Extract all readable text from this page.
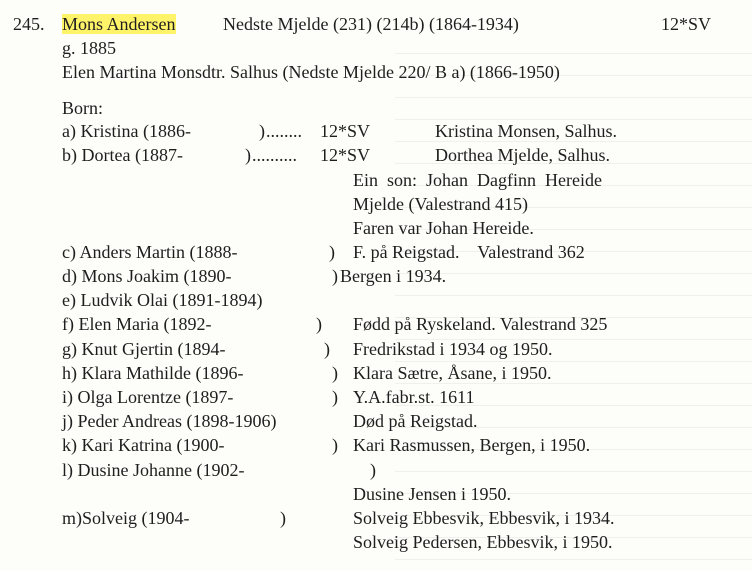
245. Mons Andersen	Nedste Mjelde (231) (214b) (1864-1934)	12*SV
g. 1885
Elen Martina Monsdtr. Salhus (Nedste Mjelde 220/ B a) (1866-1950)
Born:
a) Kristina (1886-	) ........ 12*SV	Kristina Monsen, Salhus.
b) Dortea (1887-	) .......... 12*SV	Dorthea Mjelde, Salhus.
Ein  son:  Johan  Dagfinn  Hereide
Mjelde (Valestrand 415)
Faren var Johan Hereide.
c) Anders Martin (1888-	) F. på Reigstad.    Valestrand 362
d) Mons Joakim (1890-	) Bergen i 1934.
e) Ludvik Olai (1891-1894)
f) Elen Maria (1892-	) Fødd på Ryskeland. Valestrand 325
g) Knut Gjertin (1894-	) Fredrikstad i 1934 og 1950.
h) Klara Mathilde (1896-	) Klara Sætre, Åsane, i 1950.
i) Olga Lorentze (1897-	) Y.A.fabr.st. 1611
j) Peder Andreas (1898-1906)	Død på Reigstad.
k) Kari Katrina (1900-	) Kari Rasmussen, Bergen, i 1950.
l) Dusine Johanne (1902-	)
Dusine Jensen i 1950.
m)Solveig (1904-	)	Solveig Ebbesvik, Ebbesvik, i 1934.
Solveig Pedersen, Ebbesvik, i 1950.
